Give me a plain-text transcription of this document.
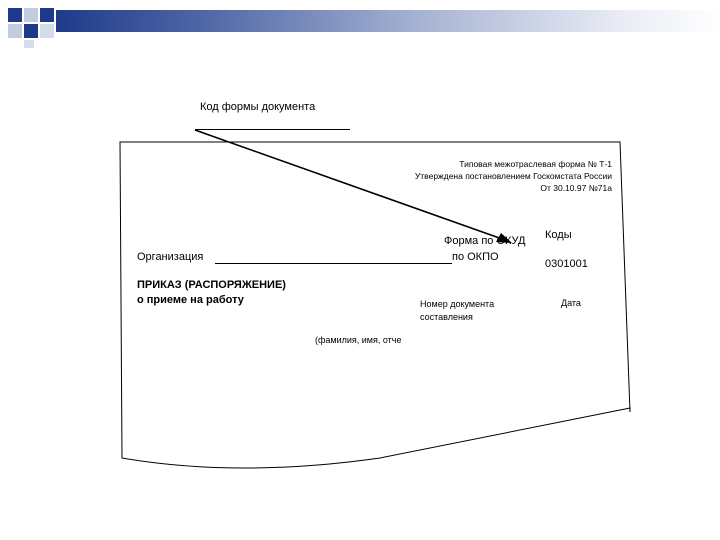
Код формы документа
Типовая межотраслевая форма № Т-1
Утверждена постановлением Госкомстата России
От 30.10.97 №71а
Коды
Форма по ОКУД
по ОКПО
0301001
Организация
ПРИКАЗ (РАСПОРЯЖЕНИЕ)
о приеме на работу	Номер документа составления
Дата
(фамилия, имя, отче
